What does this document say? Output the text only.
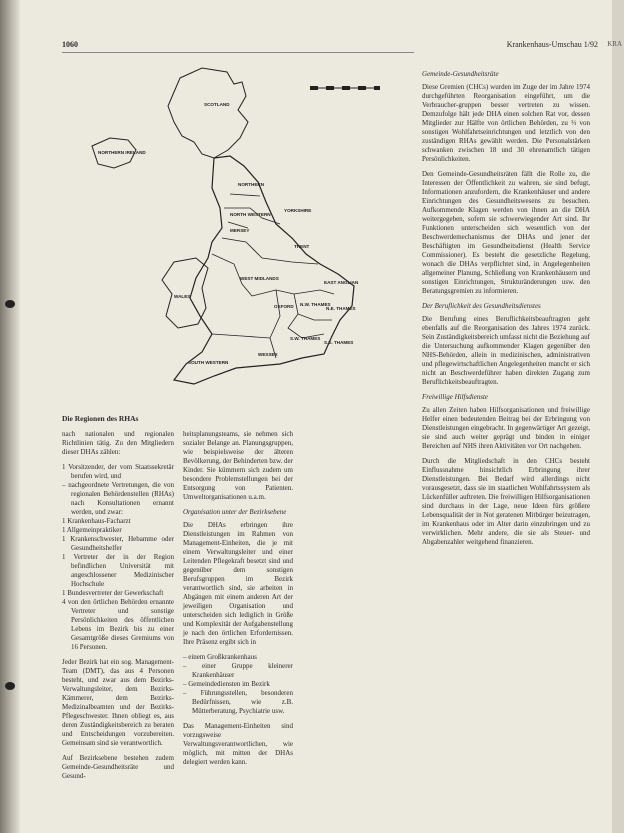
KRA
1060	Krankenhaus-Umschau 1/92
SCOTLAND
NORTHERN IRELAND
NORTHERN
YORKSHIRE
NORTH WESTERN
MERSEY
TRENT
EAST ANGLIAN
WEST MIDLANDS
WALES
OXFORD N.W. THAMES
N.E. THAMES
S.W. THAMES
S.E. THAMES
WESSEX
SOUTH WESTERN
Die Regionen des RHAs

nach nationalen und regionalen Richtlinien tätig. Zu den Mitgliedern dieser DHAs zählen:

1 Vorsitzender, der vom Staatssekretär berufen wird, und
– nachgeordnete Vertretungen, die von regionalen Behördenstellen (RHAs) nach Konsultationen ernannt werden, und zwar:
1 Krankenhaus-Facharzt
1 Allgemeinpraktiker
1 Krankenschwester, Hebamme oder Gesundheitshelfer
1 Vertreter der in der Region befindlichen Universität mit angeschlossener Medizinischer Hochschule
1 Bundesvertreter der Gewerkschaft
4 von den örtlichen Behörden ernannte Vertreter und sonstige Persönlichkeiten des öffentlichen Lebens im Bezirk bis zu einer Gesamtgröße dieses Gremiums von 16 Personen.

Jeder Bezirk hat ein sog. Management-Team (DMT), das aus 4 Personen besteht, und zwar aus dem Bezirks-Verwaltungsleiter, dem Bezirks-Kämmerer, dem Bezirks-Medizinalbeamten und der Bezirks-Pflegeschwester. Ihnen obliegt es, aus deren Zuständigkeitsbereich zu beraten und Entscheidungen vorzubereiten. Gemeinsam sind sie verantwortlich.

Auf Bezirksebene bestehen zudem Gemeinde-Gesundheitsräte und Gesund-

heitsplanungsteams, sie nehmen sich sozialer Belange an. Planungsgruppen, wie beispielsweise der älteren Bevölkerung, der Behinderten bzw. der Kinder. Sie kümmern sich zudem um besondere Problemstellungen bei der Entsorgung von Patienten. Umweltorganisationen u.a.m.

Organisation unter der Bezirksebene

Die DHAs erbringen ihre Dienstleistungen im Rahmen von Management-Einheiten, die je mit einem Verwaltungsleiter und einer Leitenden Pflegekraft besetzt sind und gegenüber dem sonstigen Berufsgruppen im Bezirk verantwortlich sind, sie arbeiten in Abgängen mit einem anderen Art der jeweiligen Organisation und unterscheiden sich lediglich in Größe und Komplexität der Aufgabenstellung je nach den örtlichen Erfordernissen. Ihre Präsenz ergibt sich in

– einem Großkrankenhaus
– einer Gruppe kleinerer Krankenhäuser
– Gemeindediensten im Bezirk
– Führungsstellen, besonderen Bedürfnissen, wie z.B. Mütterberatung, Psychiatrie usw.

Das Management-Einheiten sind vorzugsweise Verwaltungsverantwortlichen, wie möglich, mit mitten der DHAs delegiert werden kann.

Gemeinde-Gesundheitsräte

Diese Gremien (CHCs) wurden im Zuge der im Jahre 1974 durchgeführten Reorganisation eingeführt, um die Verbraucher-gruppen besser vertreten zu wissen. Demzufolge hält jede DHA einen solchen Rat vor, dessen Mitglieder zur Hälfte von örtlichen Behörden, zu ⅓ von sonstigen Wohlfahrtseinrichtungen und letztlich von den zuständigen RHAs gewählt werden. Die Personalstärken schwanken zwischen 18 und 30 ehrenamtlich tätigen Persönlichkeiten.

Den Gemeinde-Gesundheitsräten fällt die Rolle zu, die Interessen der Öffentlichkeit zu wahren, sie sind befugt, Informationen anzufordern, die Krankenhäuser und andere Einrichtungen des Gesundheitswesens zu besuchen. Aufkommende Klagen werden von ihnen an die DHA weitergegeben, sofern sie schwerwiegender Art sind. Ihr Funktionen unterscheiden sich wesentlich von der Beschwerdemechanismus der DHAs und jener der Beschäftigten im Gesundheitsdienst (Health Service Commissioner). Es besteht die gesetzliche Regelung, wonach die DHAs verpflichtet sind, in Angelegenheiten allgemeiner Planung, Schließung von Krankenhäusern und sonstigen Einrichtungen, Strukturänderungen usw. den Beratungsgremien zu informieren.

Der Beruflichkeit des Gesundheitsdienstes

Die Berufung eines Beruflichkeitsbeauftragten geht ebenfalls auf die Reorganisation des Jahres 1974 zurück. Sein Zuständigkeitsbereich umfasst nicht die Beziehung auf die Untersuchung aufkommender Klagen gegenüber den NHS-Behörden, allein in medizinischen, administrativen und pflegewirtschaftlichen Angelegenheiten mancht er sich nicht an Beschwerdeführer haben direkten Zugang zum Beruflichkeitsbeauftragten.

Freiwillige Hilfsdienste

Zu allen Zeiten haben Hilfsorganisationen und freiwillige Helfer einen bedeutenden Beitrag bei der Erbringung von Dienstleistungen eingebracht. In gegenwärtiger Art gezeigt, sie sind auch weiter geprägt und binden in einiger Bereichen auf NHS ihren Aktivitäten vor Ort nachgehen.

Durch die Mitgliedschaft in den CHCs besteht Einflussnahme hinsichtlich Erbringung ihrer Dienstleistungen. Bei Bedarf wird allerdings nicht vorausgesetzt, dass sie im staatlichen Wohlfahrtssystem als Lückenfüller auftreten. Die freiwilligen Hilfsorganisationen sind durchaus in der Lage, neue Ideen fürs größere Lebensqualität der in Not geratenen Mitbürger beizutragen, im Krankenhaus oder im Alter darin einzubringen und zu verwirklichen. Mehr andere, die sie als Steuer- und Abgabenzahler weitgehend finanzieren.
